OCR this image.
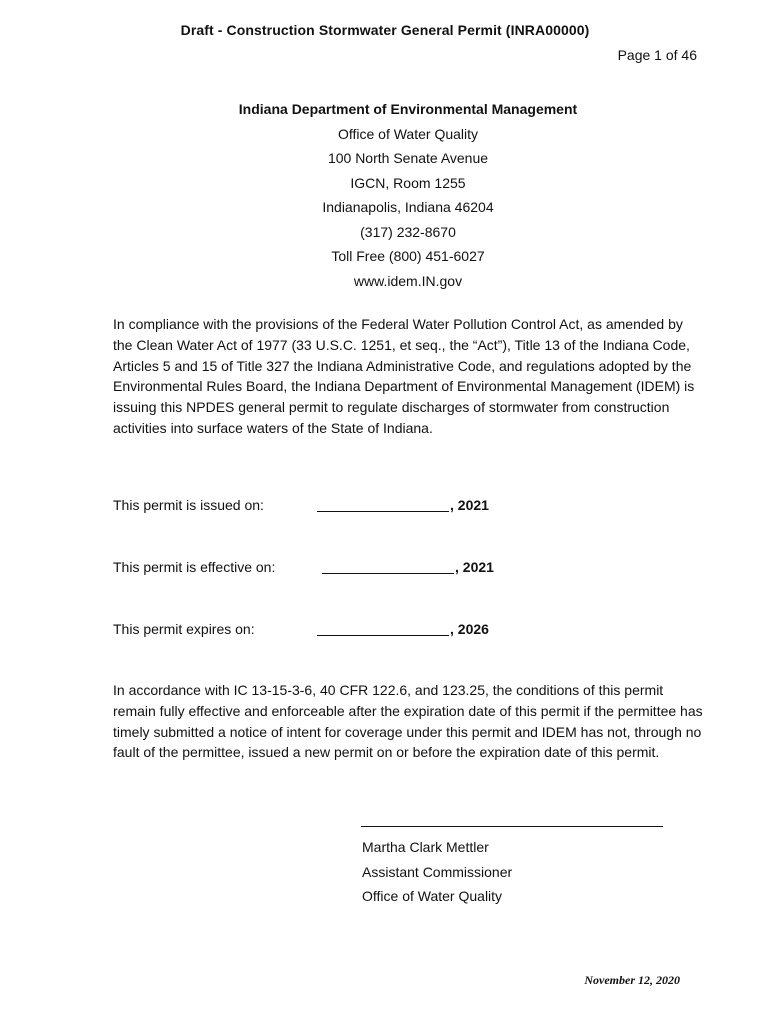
Draft - Construction Stormwater General Permit (INRA00000)
Page 1 of 46
Indiana Department of Environmental Management
Office of Water Quality
100 North Senate Avenue
IGCN, Room 1255
Indianapolis, Indiana 46204
(317) 232-8670
Toll Free (800) 451-6027
www.idem.IN.gov
In compliance with the provisions of the Federal Water Pollution Control Act, as amended by the Clean Water Act of 1977 (33 U.S.C. 1251, et seq., the “Act”), Title 13 of the Indiana Code, Articles 5 and 15 of Title 327 the Indiana Administrative Code, and regulations adopted by the Environmental Rules Board, the Indiana Department of Environmental Management (IDEM) is issuing this NPDES general permit to regulate discharges of stormwater from construction activities into surface waters of the State of Indiana.
This permit is issued on:	, 2021
This permit is effective on:	, 2021
This permit expires on:	, 2026
In accordance with IC 13-15-3-6, 40 CFR 122.6, and 123.25, the conditions of this permit remain fully effective and enforceable after the expiration date of this permit if the permittee has timely submitted a notice of intent for coverage under this permit and IDEM has not, through no fault of the permittee, issued a new permit on or before the expiration date of this permit.
Martha Clark Mettler
Assistant Commissioner
Office of Water Quality
November 12, 2020
